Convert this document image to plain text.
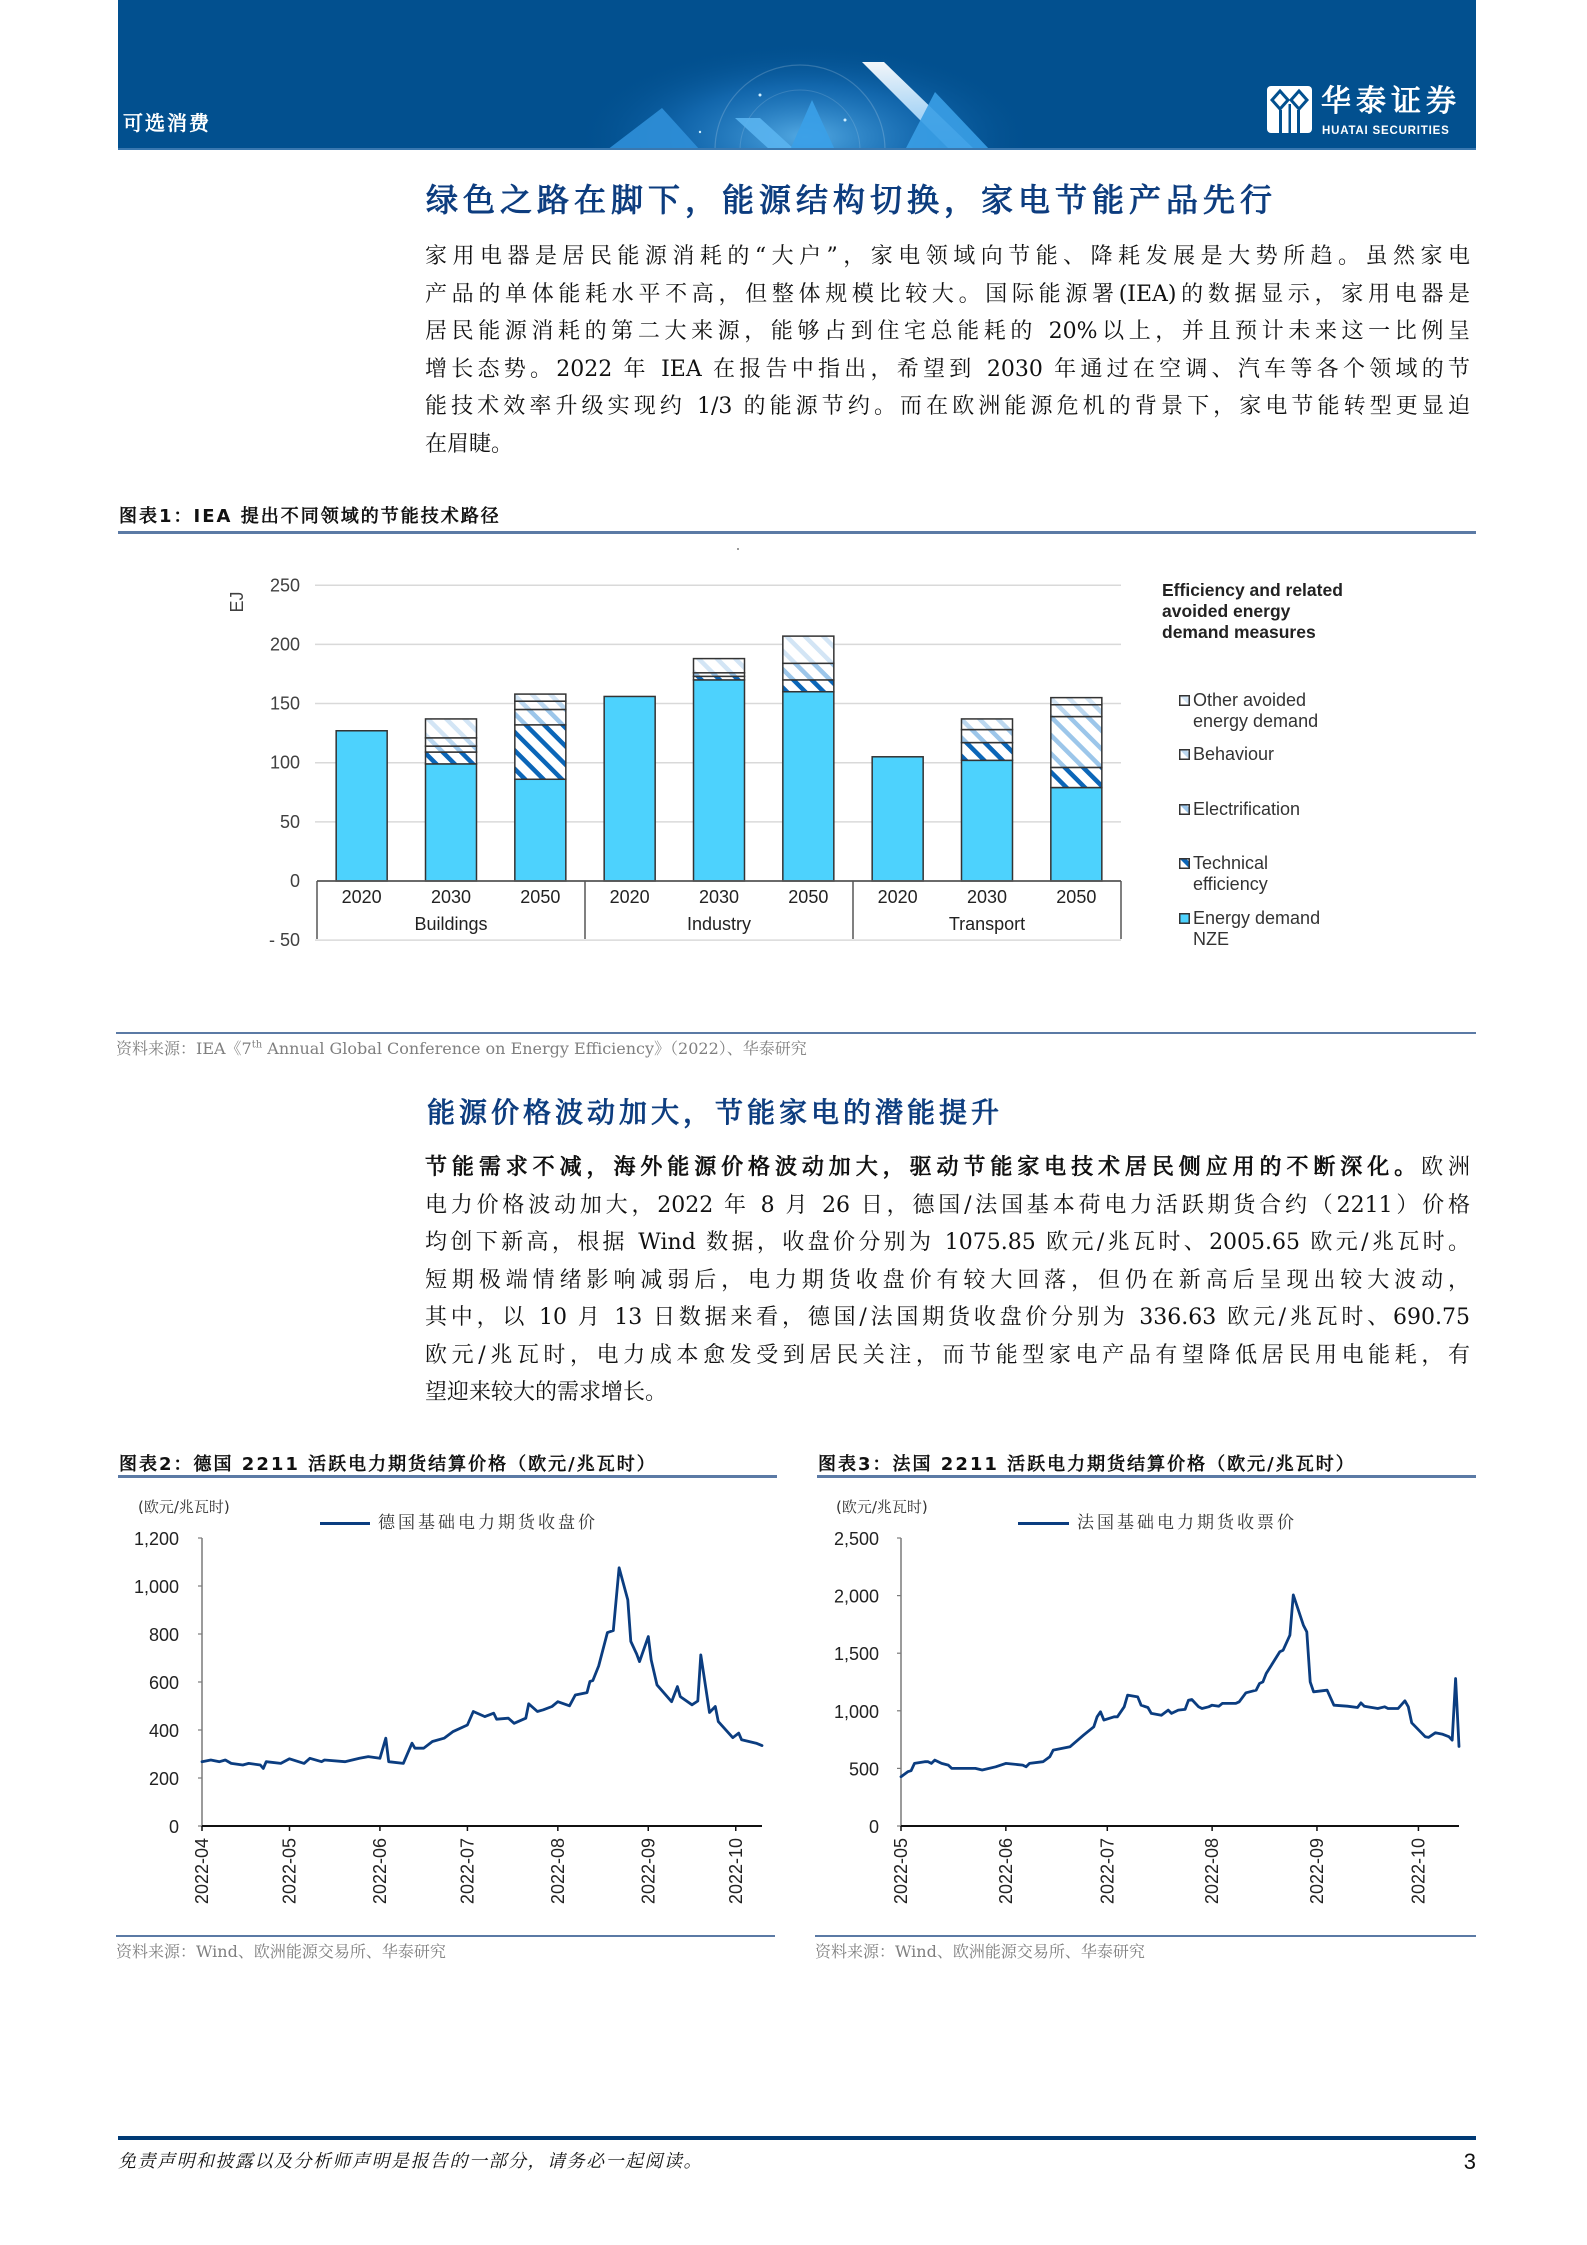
可选消费
华泰证券
HUATAI SECURITIES
绿色之路在脚下，能源结构切换，家电节能产品先行
家用电器是居民能源消耗的“大户”，家电领域向节能、降耗发展是大势所趋。虽然家电
产品的单体能耗水平不高，但整体规模比较大。国际能源署(IEA)的数据显示，家用电器是
居民能源消耗的第二大来源，能够占到住宅总能耗的 20%以上，并且预计未来这一比例呈
增长态势。2022 年 IEA 在报告中指出，希望到 2030 年通过在空调、汽车等各个领域的节
能技术效率升级实现约 1/3 的能源节约。而在欧洲能源危机的背景下，家电节能转型更显迫
在眉睫。
图表1：IEA 提出不同领域的节能技术路径
250
200
150
100
50
0
- 50
2020	2030	2050
Buildings
2020	2030	2050
Industry
2020	2030	2050
Transport
EJ
Efficiency and related
avoided energy
demand measures
Other avoided
energy demand
Behaviour
Electrification
Technical
efficiency
Energy demand
NZE
资料来源：IEA《7th Annual Global Conference on Energy Efficiency》（2022）、华泰研究
能源价格波动加大，节能家电的潜能提升
节能需求不减，海外能源价格波动加大，驱动节能家电技术居民侧应用的不断深化。欧洲
电力价格波动加大，2022 年 8 月 26 日，德国/法国基本荷电力活跃期货合约（2211）价格
均创下新高，根据 Wind 数据，收盘价分别为 1075.85 欧元/兆瓦时、2005.65 欧元/兆瓦时。
短期极端情绪影响减弱后，电力期货收盘价有较大回落，但仍在新高后呈现出较大波动，
其中，以 10 月 13 日数据来看，德国/法国期货收盘价分别为 336.63 欧元/兆瓦时、690.75
欧元/兆瓦时，电力成本愈发受到居民关注，而节能型家电产品有望降低居民用电能耗，有
望迎来较大的需求增长。
图表2：德国 2211 活跃电力期货结算价格（欧元/兆瓦时）
(欧元/兆瓦时)
德国基础电力期货收盘价
0
200
400
600
800
1,000
1,200
2022-04	2022-05	2022-06	2022-07	2022-08	2022-09	2022-10
资料来源：Wind、欧洲能源交易所、华泰研究
图表3：法国 2211 活跃电力期货结算价格（欧元/兆瓦时）
(欧元/兆瓦时)
法国基础电力期货收票价
0
500
1,000
1,500
2,000
2,500
2022-05	2022-06	2022-07	2022-08	2022-09	2022-10
资料来源：Wind、欧洲能源交易所、华泰研究
免责声明和披露以及分析师声明是报告的一部分，请务必一起阅读。	3
